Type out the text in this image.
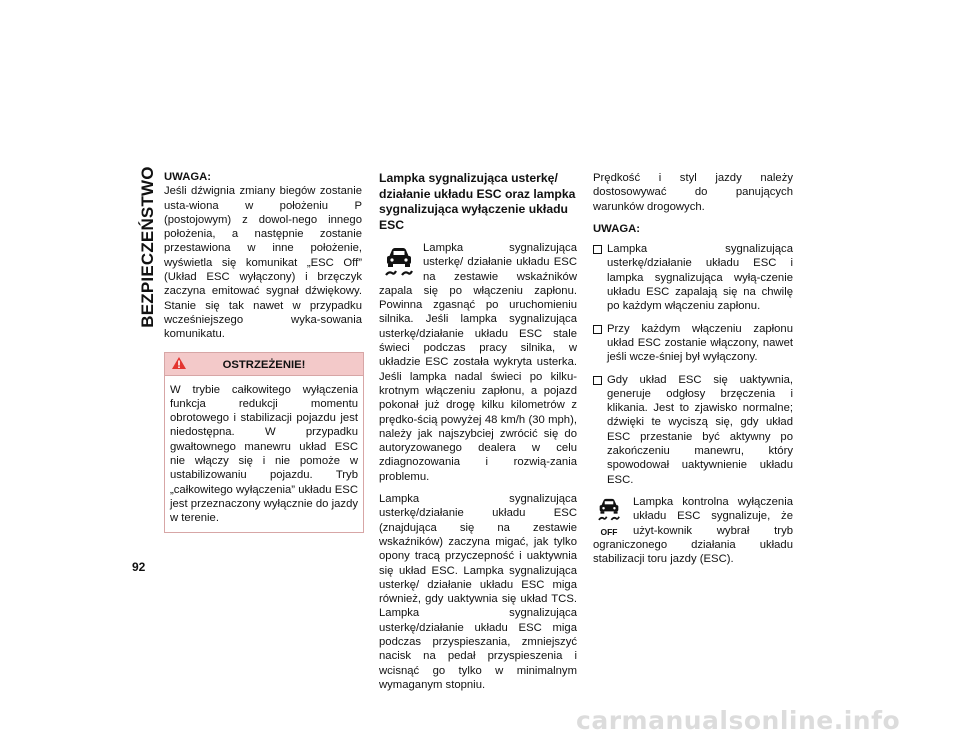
BEZPIECZEŃSTWO
92

UWAGA:

Jeśli dźwignia zmiany biegów zostanie usta-wiona w położeniu P (postojowym) z dowol-nego innego położenia, a następnie zostanie przestawiona w inne położenie, wyświetla się komunikat „ESC Off” (Układ ESC wyłączony) i brzęczyk zaczyna emitować sygnał dźwiękowy. Stanie się tak nawet w przypadku wcześniejszego wyka-sowania komunikatu.

OSTRZEŻENIE!
W trybie całkowitego wyłączenia funkcja redukcji momentu obrotowego i stabilizacji pojazdu jest niedostępna. W przypadku gwałtownego manewru układ ESC nie włączy się i nie pomoże w ustabilizowaniu pojazdu. Tryb „całkowitego wyłączenia” układu ESC jest przeznaczony wyłącznie do jazdy w terenie.
Lampka sygnalizująca usterkę/ działanie układu ESC oraz lampka sygnalizująca wyłączenie układu ESC

Lampka sygnalizująca usterkę/ działanie układu ESC na zestawie wskaźników zapala się po włączeniu zapłonu. Powinna zgasnąć po uruchomieniu silnika. Jeśli lampka sygnalizująca usterkę/działanie układu ESC stale świeci podczas pracy silnika, w układzie ESC została wykryta usterka. Jeśli lampka nadal świeci po kilku-krotnym włączeniu zapłonu, a pojazd pokonał już drogę kilku kilometrów z prędko-ścią powyżej 48 km/h (30 mph), należy jak najszybciej zwrócić się do autoryzowanego dealera w celu zdiagnozowania i rozwią-zania problemu.

Lampka sygnalizująca usterkę/działanie układu ESC (znajdująca się na zestawie wskaźników) zaczyna migać, jak tylko opony tracą przyczepność i uaktywnia się układ ESC. Lampka sygnalizująca usterkę/ działanie układu ESC miga również, gdy uaktywnia się układ TCS. Lampka sygnalizująca usterkę/działanie układu ESC miga podczas przyspieszania, zmniejszyć nacisk na pedał przyspieszenia i wcisnąć go tylko w minimalnym wymaganym stopniu.

Prędkość i styl jazdy należy dostosowywać do panujących warunków drogowych.

UWAGA:

Lampka sygnalizująca usterkę/działanie układu ESC i lampka sygnalizująca wyłą-czenie układu ESC zapalają się na chwilę po każdym włączeniu zapłonu.
Przy każdym włączeniu zapłonu układ ESC zostanie włączony, nawet jeśli wcze-śniej był wyłączony.
Gdy układ ESC się uaktywnia, generuje odgłosy brzęczenia i klikania. Jest to zjawisko normalne; dźwięki te wyciszą się, gdy układ ESC przestanie być aktywny po zakończeniu manewru, który spowodował uaktywnienie układu ESC.
OFF

Lampka kontrolna wyłączenia układu ESC sygnalizuje, że użyt-kownik wybrał tryb ograniczonego działania układu stabilizacji toru jazdy (ESC).

carmanualsonline.info
